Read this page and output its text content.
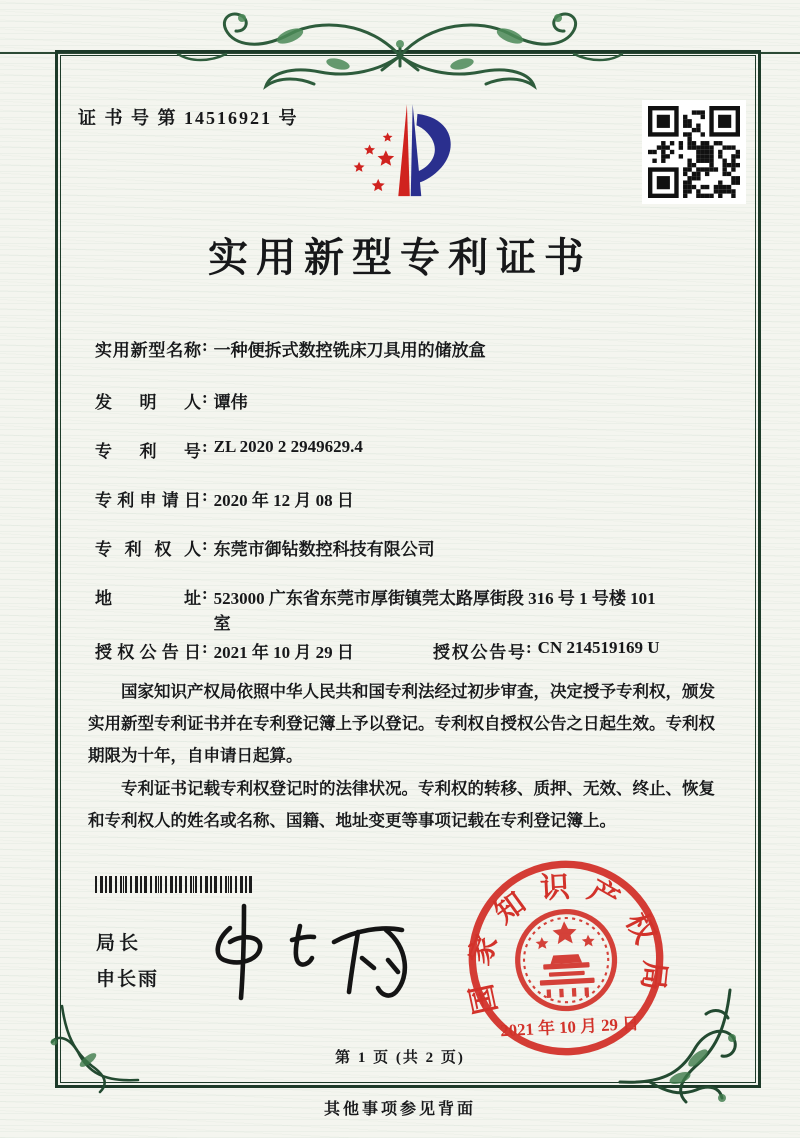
证 书 号 第 14516921 号
实用新型专利证书
实用新型名称 : 一种便拆式数控铣床刀具用的储放盒
发明人 : 谭伟
专利号 : ZL 2020 2 2949629.4
专利申请日 : 2020 年 12 月 08 日
专利权人 : 东莞市御钻数控科技有限公司
地址 : 523000 广东省东莞市厚街镇莞太路厚街段 316 号 1 号楼 101 室
授权公告日 : 2021 年 10 月 29 日	授权公告号 : CN 214519169 U

国家知识产权局依照中华人民共和国专利法经过初步审查，决定授予专利权，颁发实用新型专利证书并在专利登记簿上予以登记。专利权自授权公告之日起生效。专利权期限为十年，自申请日起算。

专利证书记载专利权登记时的法律状况。专利权的转移、质押、无效、终止、恢复和专利权人的姓名或名称、国籍、地址变更等事项记载在专利登记簿上。

局长
申长雨	国家知识产权局
2021 年 10 月 29 日
第 1 页 (共 2 页)
其他事项参见背面
